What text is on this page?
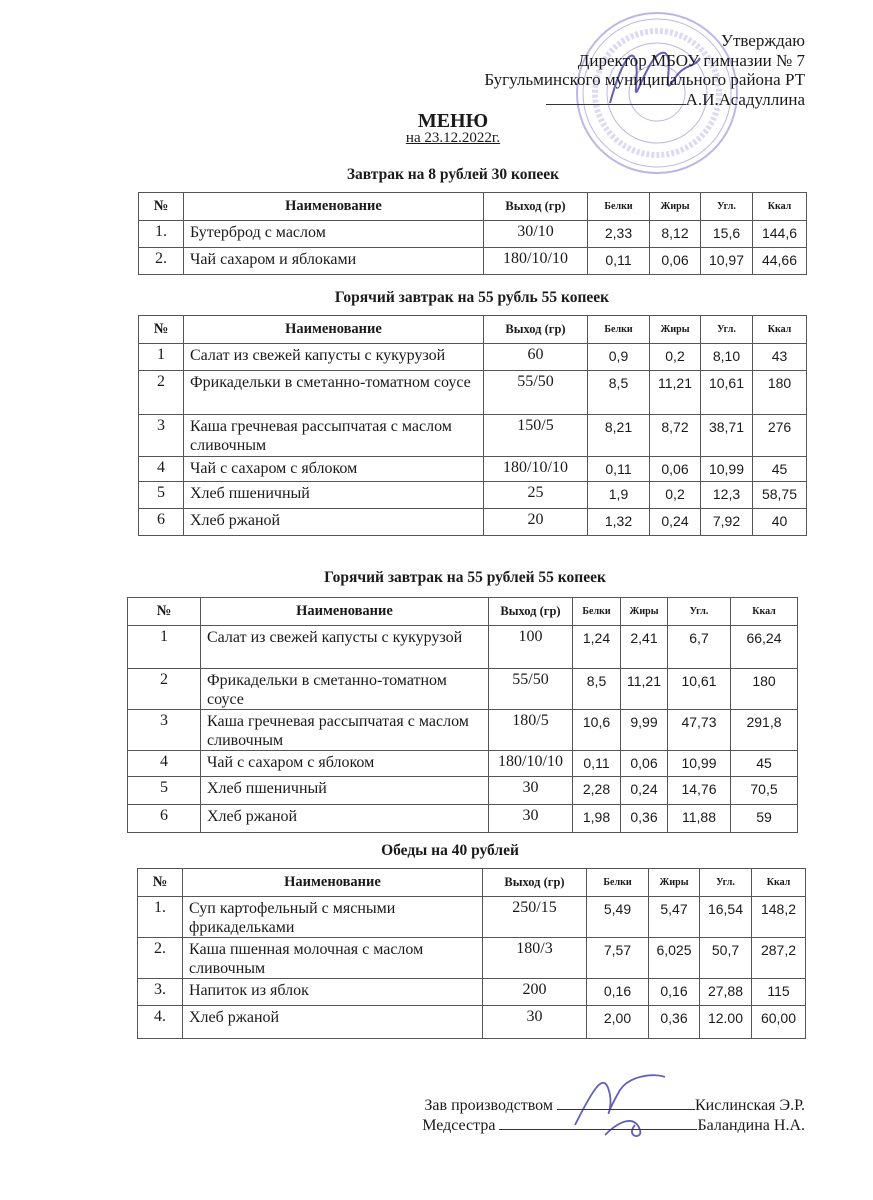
Утверждаю
Директор МБОУ гимназии № 7
Бугульминского муниципального района РТ
А.И.Асадуллина
МЕНЮ
на 23.12.2022г.
Завтрак на 8 рублей 30 копеек
№	Наименование	Выход (гр)	Белки	Жиры	Угл.	Ккал
1.	Бутерброд с маслом	30/10	2,33	8,12	15,6	144,6
2.	Чай сахаром и яблоками	180/10/10	0,11	0,06	10,97	44,66
Горячий завтрак на 55 рубль 55 копеек
№	Наименование	Выход (гр)	Белки	Жиры	Угл.	Ккал
1	Салат из свежей капусты с кукурузой	60	0,9	0,2	8,10	43
2	Фрикадельки в сметанно-томатном соусе	55/50	8,5	11,21	10,61	180
3	Каша гречневая рассыпчатая с маслом сливочным	150/5	8,21	8,72	38,71	276
4	Чай с сахаром с яблоком	180/10/10	0,11	0,06	10,99	45
5	Хлеб пшеничный	25	1,9	0,2	12,3	58,75
6	Хлеб ржаной	20	1,32	0,24	7,92	40
Горячий завтрак на 55 рублей 55 копеек
№	Наименование	Выход (гр)	Белки	Жиры	Угл.	Ккал
1	Салат из свежей капусты с кукурузой	100	1,24	2,41	6,7	66,24
2	Фрикадельки в сметанно-томатном соусе	55/50	8,5	11,21	10,61	180
3	Каша гречневая рассыпчатая с маслом сливочным	180/5	10,6	9,99	47,73	291,8
4	Чай с сахаром с яблоком	180/10/10	0,11	0,06	10,99	45
5	Хлеб пшеничный	30	2,28	0,24	14,76	70,5
6	Хлеб ржаной	30	1,98	0,36	11,88	59
Обеды на 40 рублей
№	Наименование	Выход (гр)	Белки	Жиры	Угл.	Ккал
1.	Суп картофельный с мясными фрикадельками	250/15	5,49	5,47	16,54	148,2
2.	Каша пшенная молочная с маслом сливочным	180/3	7,57	6,025	50,7	287,2
3.	Напиток из яблок	200	0,16	0,16	27,88	115
4.	Хлеб ржаной	30	2,00	0,36	12.00	60,00
Зав производством	Кислинская Э.Р.
Медсестра	Баландина Н.А.
